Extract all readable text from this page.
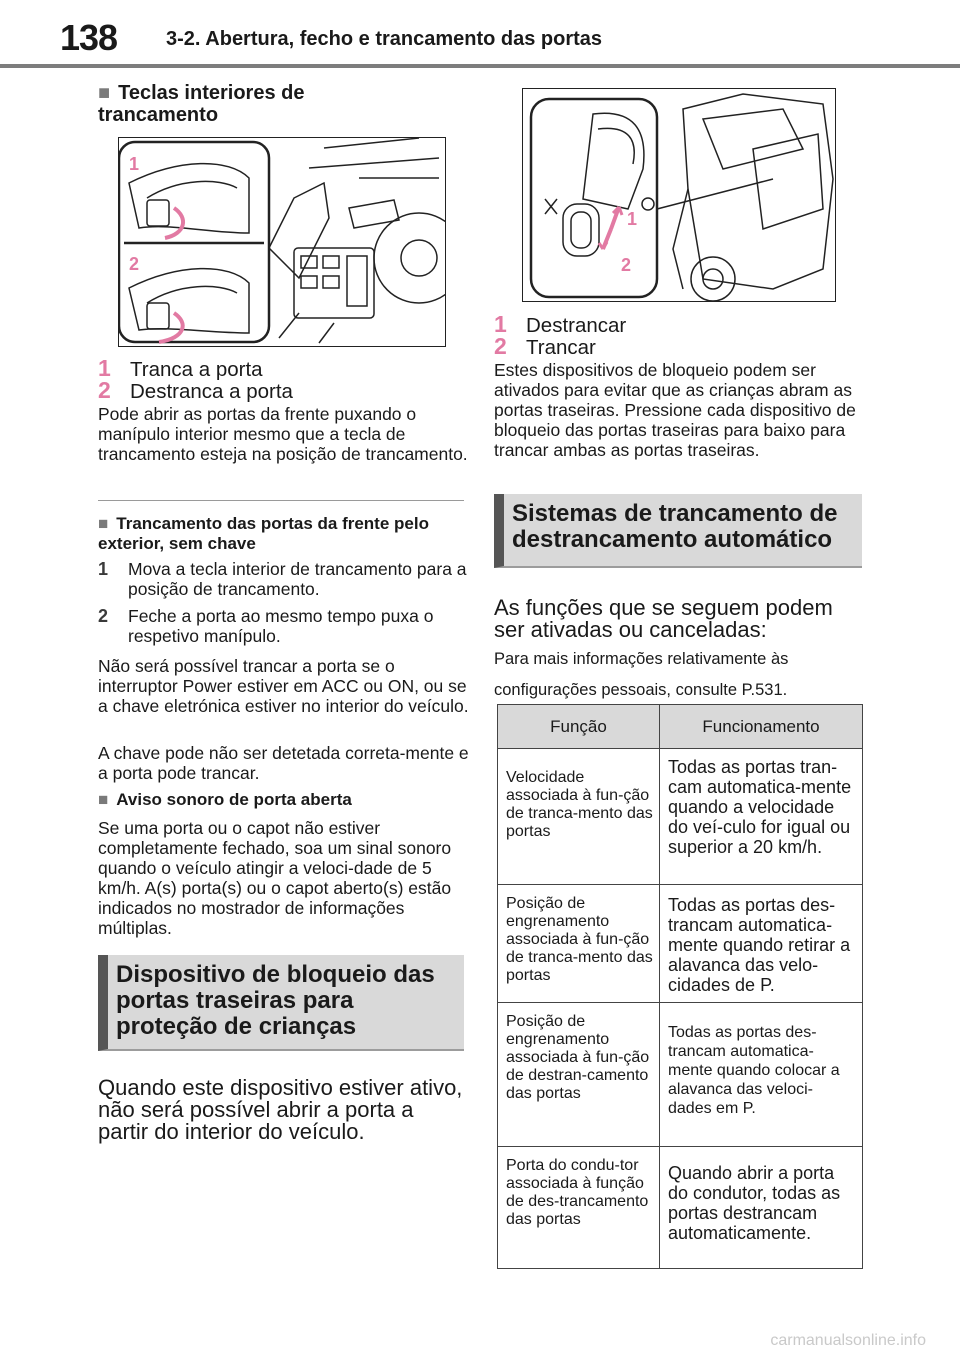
138 3-2. Abertura, fecho e trancamento das portas
■ Teclas interiores de trancamento
1
2
1 Tranca a porta
2 Destranca a porta
Pode abrir as portas da frente puxando o manípulo interior mesmo que a tecla de trancamento esteja na posição de trancamento.
■ Trancamento das portas da frente pelo exterior, sem chave
1 Mova a tecla interior de trancamento para a posição de trancamento.
2 Feche a porta ao mesmo tempo puxa o respetivo manípulo.
Não será possível trancar a porta se o interruptor Power estiver em ACC ou ON, ou se a chave eletrónica estiver no interior do veículo.
A chave pode não ser detetada correta-mente e a porta pode trancar.
■ Aviso sonoro de porta aberta
Se uma porta ou o capot não estiver completamente fechado, soa um sinal sonoro quando o veículo atingir a veloci-dade de 5 km/h. A(s) porta(s) ou o capot aberto(s) estão indicados no mostrador de informações múltiplas.
Dispositivo de bloqueio das portas traseiras para proteção de crianças
Quando este dispositivo estiver ativo, não será possível abrir a porta a partir do interior do veículo.
1
2
1 Destrancar
2 Trancar
Estes dispositivos de bloqueio podem ser ativados para evitar que as crianças abram as portas traseiras. Pressione cada dispositivo de bloqueio das portas traseiras para baixo para trancar ambas as portas traseiras.
Sistemas de trancamento de destrancamento automático
As funções que se seguem podem ser ativadas ou canceladas:
Para mais informações relativamente às configurações pessoais, consulte P.531.
Função	Funcionamento
Velocidade associada à fun-ção de tranca-mento das portas	Todas as portas tran-cam automatica-mente quando a velocidade do veí-culo for igual ou superior a 20 km/h.
Posição de engrenamento associada à fun-ção de tranca-mento das portas	Todas as portas des-trancam automatica-mente quando retirar a alavanca das velo-cidades de P.
Posição de engrenamento associada à fun-ção de destran-camento das portas	Todas as portas des-trancam automatica-mente quando colocar a alavanca das veloci-dades em P.
Porta do condu-tor associada à função de des-trancamento das portas	Quando abrir a porta do condutor, todas as portas destrancam automaticamente.
carmanualsonline.info
